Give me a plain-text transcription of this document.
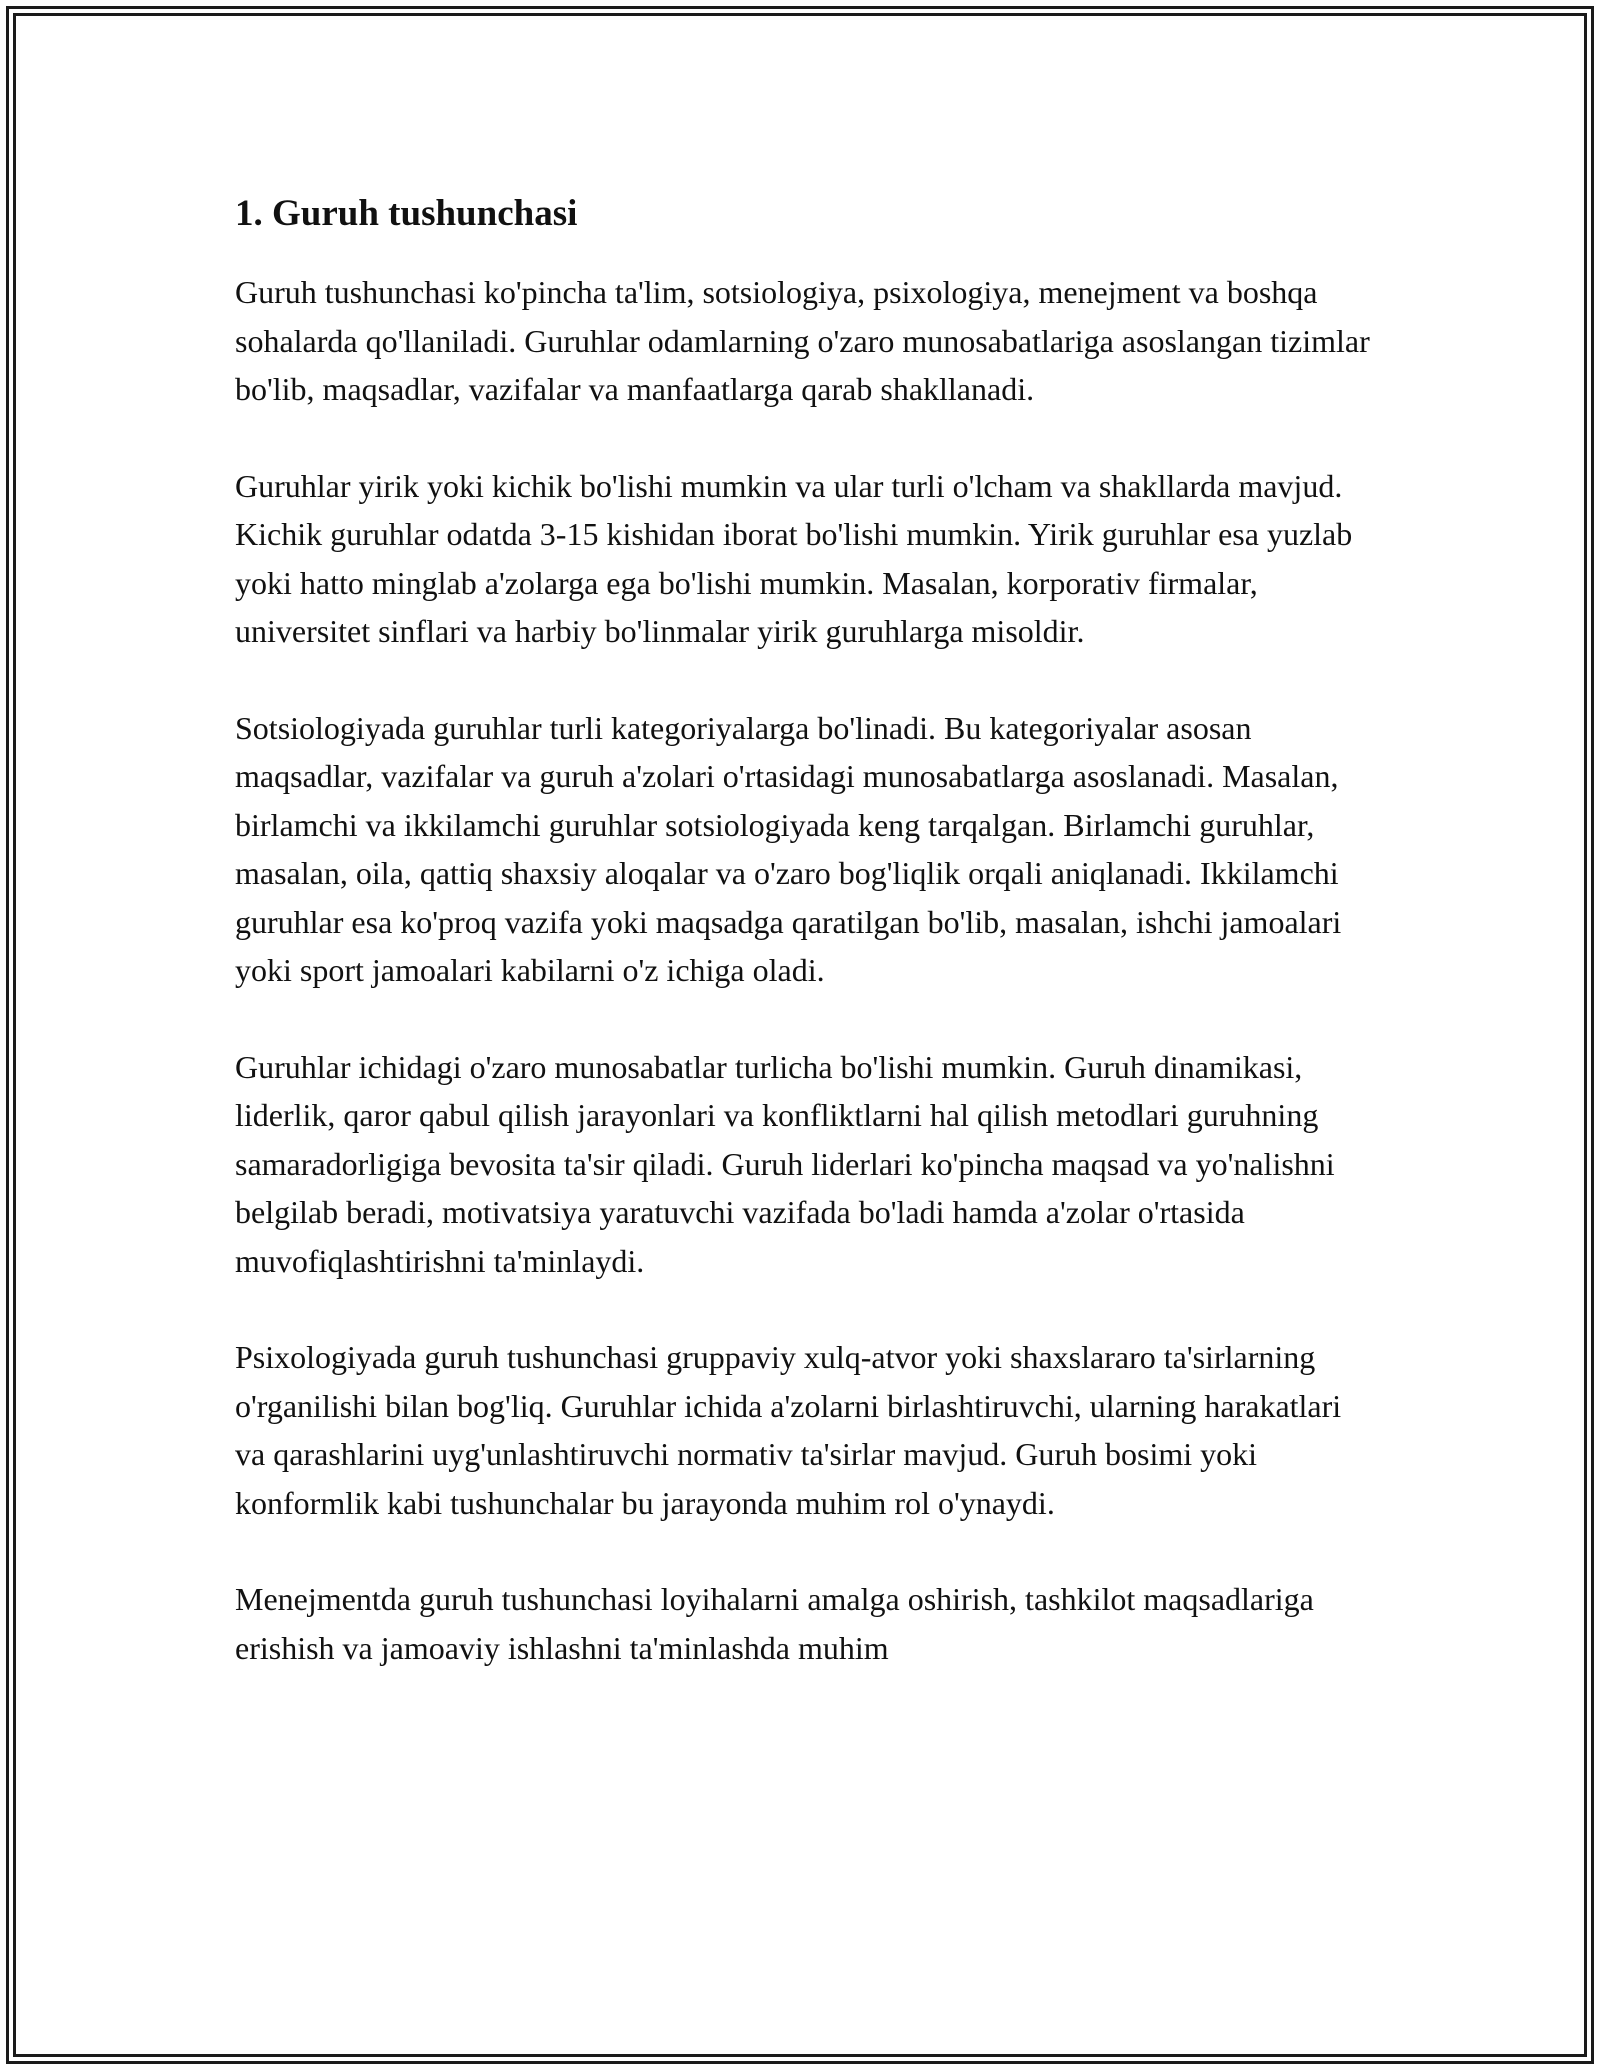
1. Guruh tushunchasi

Guruh tushunchasi ko'pincha ta'lim, sotsiologiya, psixologiya, menejment va boshqa sohalarda qo'llaniladi. Guruhlar odamlarning o'zaro munosabatlariga asoslangan tizimlar bo'lib, maqsadlar, vazifalar va manfaatlarga qarab shakllanadi.

Guruhlar yirik yoki kichik bo'lishi mumkin va ular turli o'lcham va shakllarda mavjud. Kichik guruhlar odatda 3-15 kishidan iborat bo'lishi mumkin. Yirik guruhlar esa yuzlab yoki hatto minglab a'zolarga ega bo'lishi mumkin. Masalan, korporativ firmalar, universitet sinflari va harbiy bo'linmalar yirik guruhlarga misoldir.

Sotsiologiyada guruhlar turli kategoriyalarga bo'linadi. Bu kategoriyalar asosan maqsadlar, vazifalar va guruh a'zolari o'rtasidagi munosabatlarga asoslanadi. Masalan, birlamchi va ikkilamchi guruhlar sotsiologiyada keng tarqalgan. Birlamchi guruhlar, masalan, oila, qattiq shaxsiy aloqalar va o'zaro bog'liqlik orqali aniqlanadi. Ikkilamchi guruhlar esa ko'proq vazifa yoki maqsadga qaratilgan bo'lib, masalan, ishchi jamoalari yoki sport jamoalari kabilarni o'z ichiga oladi.

Guruhlar ichidagi o'zaro munosabatlar turlicha bo'lishi mumkin. Guruh dinamikasi, liderlik, qaror qabul qilish jarayonlari va konfliktlarni hal qilish metodlari guruhning samaradorligiga bevosita ta'sir qiladi. Guruh liderlari ko'pincha maqsad va yo'nalishni belgilab beradi, motivatsiya yaratuvchi vazifada bo'ladi hamda a'zolar o'rtasida muvofiqlashtirishni ta'minlaydi.

Psixologiyada guruh tushunchasi gruppaviy xulq-atvor yoki shaxslararo ta'sirlarning o'rganilishi bilan bog'liq. Guruhlar ichida a'zolarni birlashtiruvchi, ularning harakatlari va qarashlarini uyg'unlashtiruvchi normativ ta'sirlar mavjud. Guruh bosimi yoki konformlik kabi tushunchalar bu jarayonda muhim rol o'ynaydi.

Menejmentda guruh tushunchasi loyihalarni amalga oshirish, tashkilot maqsadlariga erishish va jamoaviy ishlashni ta'minlashda muhim
